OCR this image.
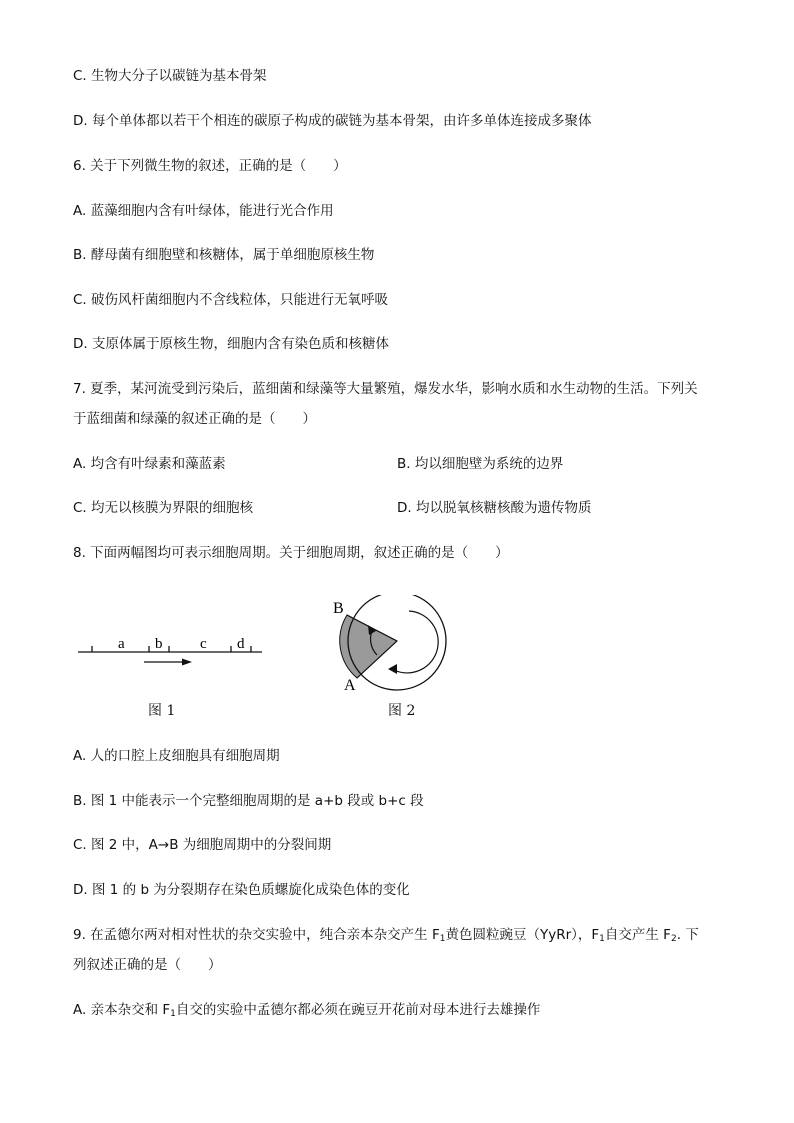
C. 生物大分子以碳链为基本骨架
D. 每个单体都以若干个相连的碳原子构成的碳链为基本骨架，由许多单体连接成多聚体
6. 关于下列微生物的叙述，正确的是（　　）
A. 蓝藻细胞内含有叶绿体，能进行光合作用
B. 酵母菌有细胞壁和核糖体，属于单细胞原核生物
C. 破伤风杆菌细胞内不含线粒体，只能进行无氧呼吸
D. 支原体属于原核生物，细胞内含有染色质和核糖体
7. 夏季，某河流受到污染后，蓝细菌和绿藻等大量繁殖，爆发水华，影响水质和水生动物的生活。下列关
于蓝细菌和绿藻的叙述正确的是（　　）
A. 均含有叶绿素和藻蓝素	B. 均以细胞壁为系统的边界
C. 均无以核膜为界限的细胞核	D. 均以脱氧核糖核酸为遗传物质
8. 下面两幅图均可表示细胞周期。关于细胞周期，叙述正确的是（　　）
a b	c d
图 1
B
A
图 2
A. 人的口腔上皮细胞具有细胞周期
B. 图 1 中能表示一个完整细胞周期的是 a+b 段或 b+c 段
C. 图 2 中，A→B 为细胞周期中的分裂间期
D. 图 1 的 b 为分裂期存在染色质螺旋化成染色体的变化
9. 在孟德尔两对相对性状的杂交实验中，纯合亲本杂交产生 $F_1$黄色圆粒豌豆（YyRr），$F_1$自交产生 $F_2$. 下
列叙述正确的是（　　）
A. 亲本杂交和 $F_1$自交的实验中孟德尔都必须在豌豆开花前对母本进行去雄操作
